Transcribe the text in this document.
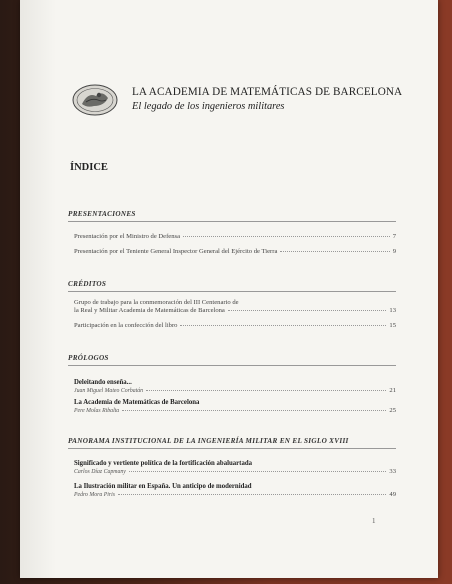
LA ACADEMIA DE MATEMÁTICAS DE BARCELONA
El legado de los ingenieros militares
ÍNDICE
PRESENTACIONES
Presentación por el Ministro de Defensa	7
Presentación por el Teniente General Inspector General del Ejército de Tierra	9
CRÉDITOS
Grupo de trabajo para la conmemoración del III Centenario de
la Real y Militar Academia de Matemáticas de Barcelona	13
Participación en la confección del libro	15
PRÓLOGOS
Deleitando enseña...
Juan Miguel Mateo Corbatán	21
La Academia de Matemáticas de Barcelona
Pere Molas Ribalta	25
PANORAMA INSTITUCIONAL DE LA INGENIERÍA MILITAR EN EL SIGLO XVIII
Significado y vertiente política de la fortificación abaluartada
Carlos Díaz Capmany	33
La Ilustración militar en España. Un anticipo de modernidad
Pedro Mora Piris	49
1
